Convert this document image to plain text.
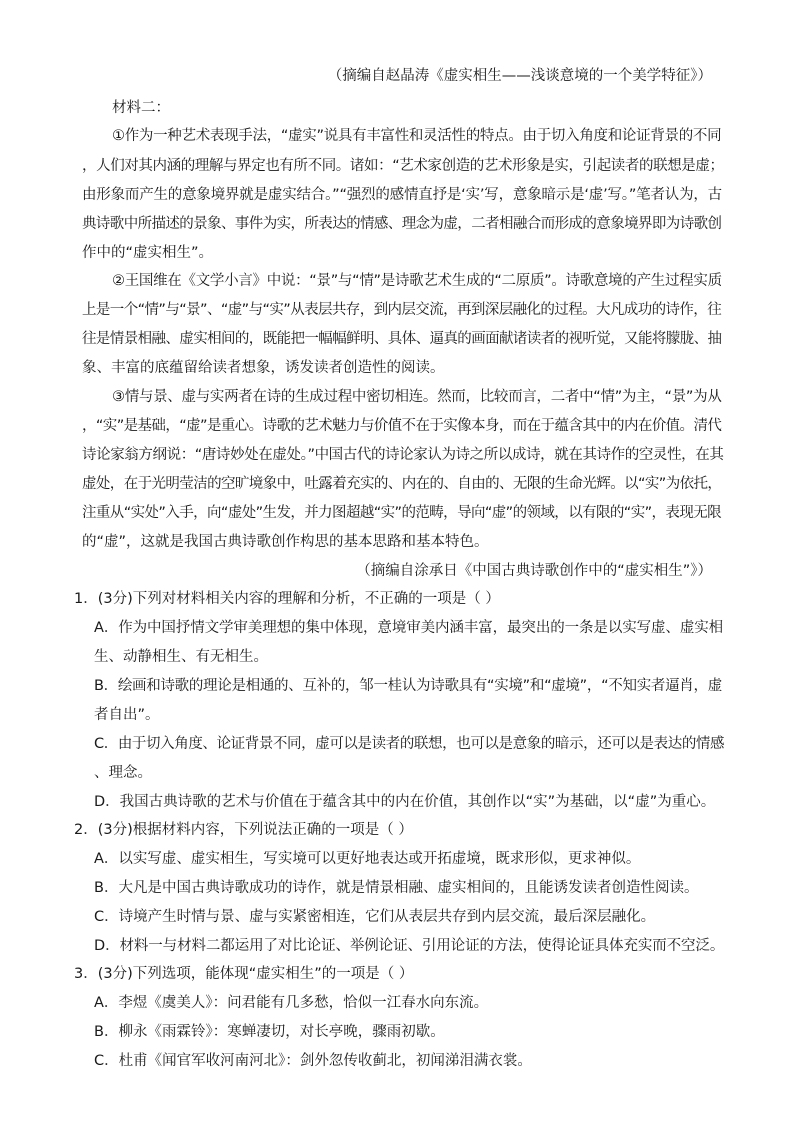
（摘编自赵晶涛《虚实相生——浅谈意境的一个美学特征》）
材料二：
①作为一种艺术表现手法，“虚实”说具有丰富性和灵活性的特点。由于切入角度和论证背景的不同
，人们对其内涵的理解与界定也有所不同。诸如：“艺术家创造的艺术形象是实，引起读者的联想是虚；
由形象而产生的意象境界就是虚实结合。”“强烈的感情直抒是‘实’写，意象暗示是‘虚’写。”笔者认为，古
典诗歌中所描述的景象、事件为实，所表达的情感、理念为虚，二者相融合而形成的意象境界即为诗歌创
作中的“虚实相生”。
②王国维在《文学小言》中说：“景”与“情”是诗歌艺术生成的“二原质”。诗歌意境的产生过程实质
上是一个“情”与“景”、“虚”与“实”从表层共存，到内层交流，再到深层融化的过程。大凡成功的诗作，往
往是情景相融、虚实相间的，既能把一幅幅鲜明、具体、逼真的画面献诸读者的视听觉，又能将朦胧、抽
象、丰富的底蕴留给读者想象，诱发读者创造性的阅读。
③情与景、虚与实两者在诗的生成过程中密切相连。然而，比较而言，二者中“情”为主，“景”为从
，“实”是基础，“虚”是重心。诗歌的艺术魅力与价值不在于实像本身，而在于蕴含其中的内在价值。清代
诗论家翁方纲说：“唐诗妙处在虚处。”中国古代的诗论家认为诗之所以成诗，就在其诗作的空灵性，在其
虚处，在于光明莹洁的空旷境象中，吐露着充实的、内在的、自由的、无限的生命光辉。以“实”为依托，
注重从“实处”入手，向“虚处”生发，并力图超越“实”的范畴，导向“虚”的领域，以有限的“实”，表现无限
的“虚”，这就是我国古典诗歌创作构思的基本思路和基本特色。
（摘编自涂承日《中国古典诗歌创作中的“虚实相生”》）
1．(3分)下列对材料相关内容的理解和分析，不正确的一项是（ ）
A．作为中国抒情文学审美理想的集中体现，意境审美内涵丰富，最突出的一条是以实写虚、虚实相
生、动静相生、有无相生。
B．绘画和诗歌的理论是相通的、互补的，邹一桂认为诗歌具有“实境”和“虚境”，“不知实者逼肖，虚
者自出”。
C．由于切入角度、论证背景不同，虚可以是读者的联想，也可以是意象的暗示，还可以是表达的情感
、理念。
D．我国古典诗歌的艺术与价值在于蕴含其中的内在价值，其创作以“实”为基础，以“虚”为重心。
2．(3分)根据材料内容，下列说法正确的一项是（ ）
A．以实写虚、虚实相生，写实境可以更好地表达或开拓虚境，既求形似，更求神似。
B．大凡是中国古典诗歌成功的诗作，就是情景相融、虚实相间的，且能诱发读者创造性阅读。
C．诗境产生时情与景、虚与实紧密相连，它们从表层共存到内层交流，最后深层融化。
D．材料一与材料二都运用了对比论证、举例论证、引用论证的方法，使得论证具体充实而不空泛。
3．(3分)下列选项，能体现“虚实相生”的一项是（ ）
A．李煜《虞美人》：问君能有几多愁，恰似一江春水向东流。
B．柳永《雨霖铃》：寒蝉凄切，对长亭晚，骤雨初歇。
C．杜甫《闻官军收河南河北》：剑外忽传收蓟北，初闻涕泪满衣裳。
